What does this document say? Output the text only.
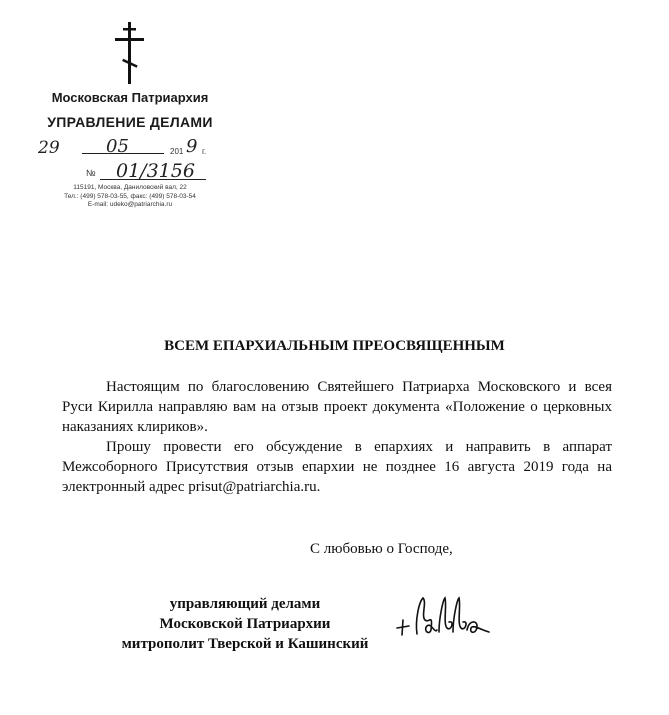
Московская Патриархия
УПРАВЛЕНИЕ ДЕЛАМИ
29	05	201 9 г.
№ 01/3156
115191, Москва, Даниловский вал, 22
Тел.: (499) 578-03-55, факс: (499) 578-03-54
E-mail: udeko@patriarchia.ru
ВСЕМ ЕПАРХИАЛЬНЫМ ПРЕОСВЯЩЕННЫМ

Настоящим по благословению Святейшего Патриарха Московского и всея Руси Кирилла направляю вам на отзыв проект документа «Положение о церковных наказаниях клириков».

Прошу провести его обсуждение в епархиях и направить в аппарат Межсоборного Присутствия отзыв епархии не позднее 16 августа 2019 года на электронный адрес prisut@patriarchia.ru.

С любовью о Господе,
управляющий делами
Московской Патриархии
митрополит Тверской и Кашинский
